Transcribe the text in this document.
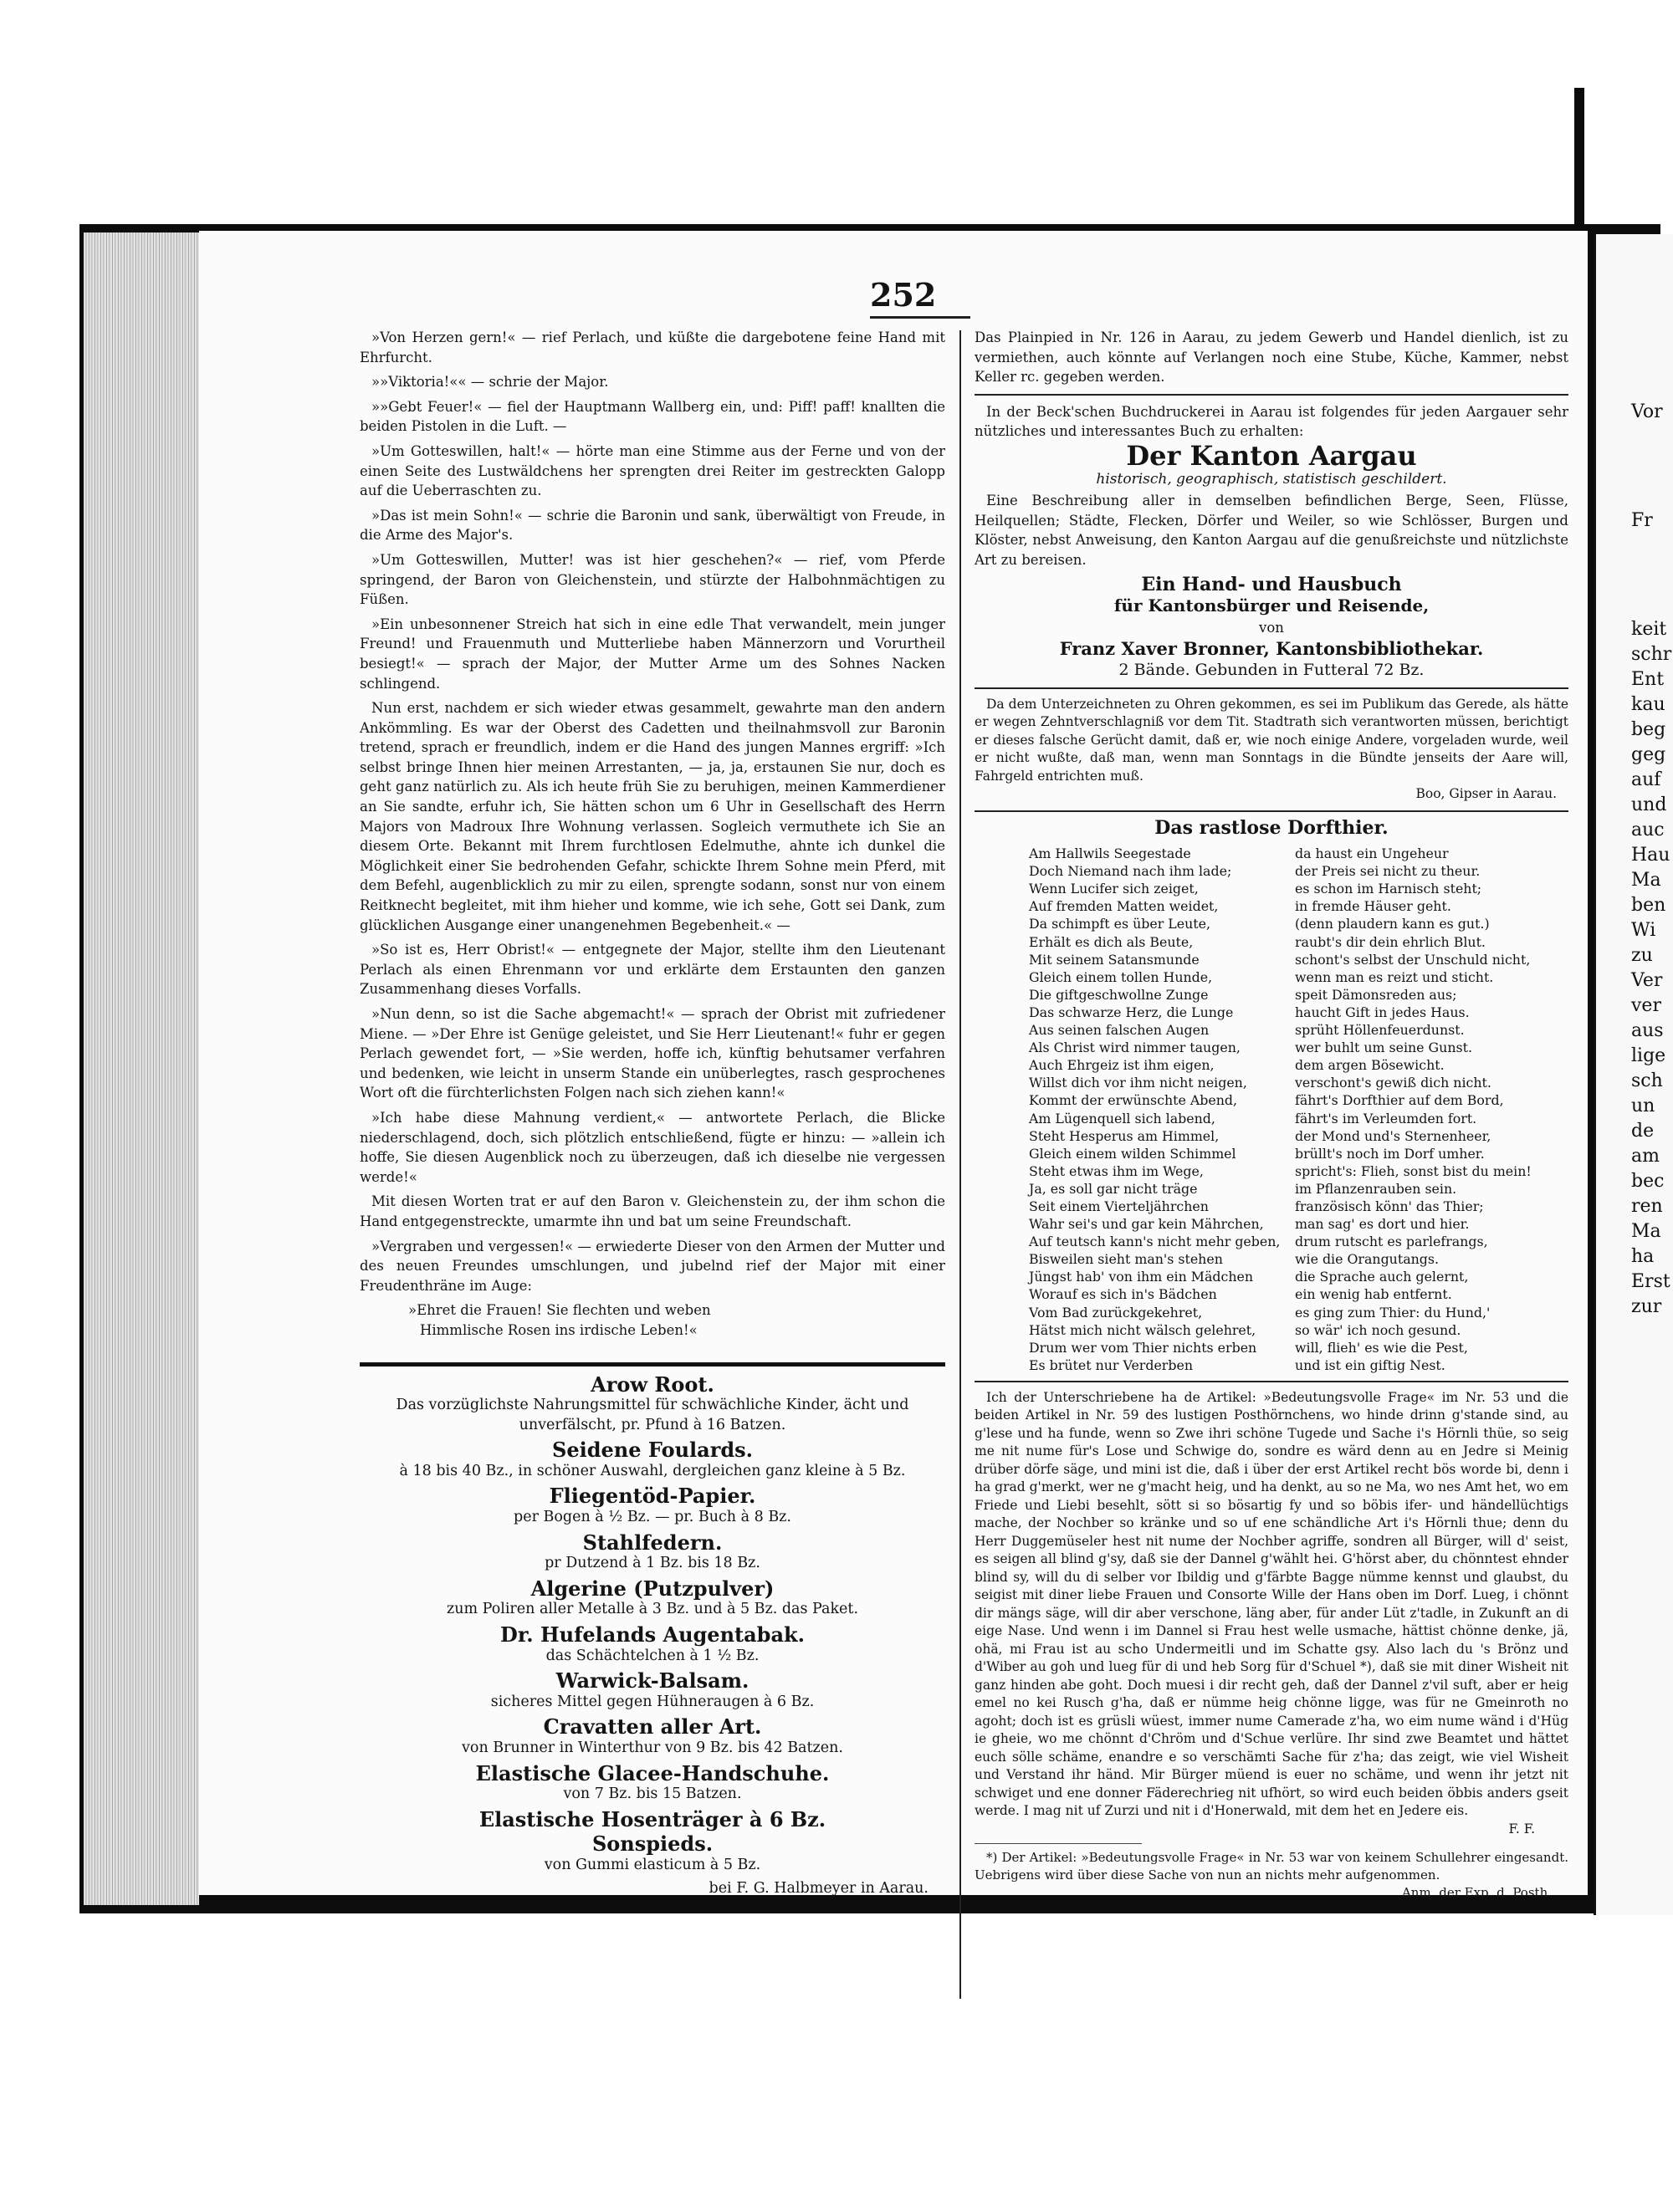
Vor
Fr
keit
schr
Ent
kau
beg
geg
auf
und
auc
Hau
Ma
ben
Wi
zu
Ver
ver
aus
lige
sch
un
de
am
bec
ren
Ma
ha
Erst
zur
252

»Von Herzen gern!« — rief Perlach, und küßte die dargebotene feine Hand mit Ehrfurcht.

»»Viktoria!«« — schrie der Major.

»»Gebt Feuer!« — fiel der Hauptmann Wallberg ein, und: Piff! paff! knallten die beiden Pistolen in die Luft. —

»Um Gotteswillen, halt!« — hörte man eine Stimme aus der Ferne und von der einen Seite des Lustwäldchens her sprengten drei Reiter im gestreckten Galopp auf die Ueberraschten zu.

»Das ist mein Sohn!« — schrie die Baronin und sank, überwältigt von Freude, in die Arme des Major's.

»Um Gotteswillen, Mutter! was ist hier geschehen?« — rief, vom Pferde springend, der Baron von Gleichenstein, und stürzte der Halbohnmächtigen zu Füßen.

»Ein unbesonnener Streich hat sich in eine edle That verwandelt, mein junger Freund! und Frauenmuth und Mutterliebe haben Männerzorn und Vorurtheil besiegt!« — sprach der Major, der Mutter Arme um des Sohnes Nacken schlingend.

Nun erst, nachdem er sich wieder etwas gesammelt, gewahrte man den andern Ankömmling. Es war der Oberst des Cadetten und theilnahmsvoll zur Baronin tretend, sprach er freundlich, indem er die Hand des jungen Mannes ergriff: »Ich selbst bringe Ihnen hier meinen Arrestanten, — ja, ja, erstaunen Sie nur, doch es geht ganz natürlich zu. Als ich heute früh Sie zu beruhigen, meinen Kammerdiener an Sie sandte, erfuhr ich, Sie hätten schon um 6 Uhr in Gesellschaft des Herrn Majors von Madroux Ihre Wohnung verlassen. Sogleich vermuthete ich Sie an diesem Orte. Bekannt mit Ihrem furchtlosen Edelmuthe, ahnte ich dunkel die Möglichkeit einer Sie bedrohenden Gefahr, schickte Ihrem Sohne mein Pferd, mit dem Befehl, augenblicklich zu mir zu eilen, sprengte sodann, sonst nur von einem Reitknecht begleitet, mit ihm hieher und komme, wie ich sehe, Gott sei Dank, zum glücklichen Ausgange einer unangenehmen Begebenheit.« —

»So ist es, Herr Obrist!« — entgegnete der Major, stellte ihm den Lieutenant Perlach als einen Ehrenmann vor und erklärte dem Erstaunten den ganzen Zusammenhang dieses Vorfalls.

»Nun denn, so ist die Sache abgemacht!« — sprach der Obrist mit zufriedener Miene. — »Der Ehre ist Genüge geleistet, und Sie Herr Lieutenant!« fuhr er gegen Perlach gewendet fort, — »Sie werden, hoffe ich, künftig behutsamer verfahren und bedenken, wie leicht in unserm Stande ein unüberlegtes, rasch gesprochenes Wort oft die fürchterlichsten Folgen nach sich ziehen kann!«

»Ich habe diese Mahnung verdient,« — antwortete Perlach, die Blicke niederschlagend, doch, sich plötzlich entschließend, fügte er hinzu: — »allein ich hoffe, Sie diesen Augenblick noch zu überzeugen, daß ich dieselbe nie vergessen werde!«

Mit diesen Worten trat er auf den Baron v. Gleichenstein zu, der ihm schon die Hand entgegenstreckte, umarmte ihn und bat um seine Freundschaft.

»Vergraben und vergessen!« — erwiederte Dieser von den Armen der Mutter und des neuen Freundes umschlungen, und jubelnd rief der Major mit einer Freudenthräne im Auge:

»Ehret die Frauen! Sie flechten und weben
Himmlische Rosen ins irdische Leben!«
Arow Root.
Das vorzüglichste Nahrungsmittel für schwächliche Kinder, ächt und unverfälscht, pr. Pfund à 16 Batzen.
Seidene Foulards.
à 18 bis 40 Bz., in schöner Auswahl, dergleichen ganz kleine à 5 Bz.
Fliegentöd-Papier.
per Bogen à ½ Bz. — pr. Buch à 8 Bz.
Stahlfedern.
pr Dutzend à 1 Bz. bis 18 Bz.
Algerine (Putzpulver)
zum Poliren aller Metalle à 3 Bz. und à 5 Bz. das Paket.
Dr. Hufelands Augentabak.
das Schächtelchen à 1 ½ Bz.
Warwick-Balsam.
sicheres Mittel gegen Hühneraugen à 6 Bz.
Cravatten aller Art.
von Brunner in Winterthur von 9 Bz. bis 42 Batzen.
Elastische Glacee-Handschuhe.
von 7 Bz. bis 15 Batzen.
Elastische Hosenträger à 6 Bz.
Sonspieds.
von Gummi elasticum à 5 Bz.
bei F. G. Halbmeyer in Aarau.

Das Plainpied in Nr. 126 in Aarau, zu jedem Gewerb und Handel dienlich, ist zu vermiethen, auch könnte auf Verlangen noch eine Stube, Küche, Kammer, nebst Keller rc. gegeben werden.

In der Beck'schen Buchdruckerei in Aarau ist folgendes für jeden Aargauer sehr nützliches und interessantes Buch zu erhalten:

Der Kanton Aargau
historisch, geographisch, statistisch geschildert.

Eine Beschreibung aller in demselben befindlichen Berge, Seen, Flüsse, Heilquellen; Städte, Flecken, Dörfer und Weiler, so wie Schlösser, Burgen und Klöster, nebst Anweisung, den Kanton Aargau auf die genußreichste und nützlichste Art zu bereisen.

Ein Hand- und Hausbuch
für Kantonsbürger und Reisende,
von
Franz Xaver Bronner, Kantonsbibliothekar.
2 Bände. Gebunden in Futteral 72 Bz.

Da dem Unterzeichneten zu Ohren gekommen, es sei im Publikum das Gerede, als hätte er wegen Zehntverschlagniß vor dem Tit. Stadtrath sich verantworten müssen, berichtigt er dieses falsche Gerücht damit, daß er, wie noch einige Andere, vorgeladen wurde, weil er nicht wußte, daß man, wenn man Sonntags in die Bündte jenseits der Aare will, Fahrgeld entrichten muß.

Boo, Gipser in Aarau.
Das rastlose Dorfthier.
Am Hallwils Seegestade	da haust ein Ungeheur
Doch Niemand nach ihm lade;	der Preis sei nicht zu theur.
Wenn Lucifer sich zeiget,	es schon im Harnisch steht;
Auf fremden Matten weidet,	in fremde Häuser geht.
Da schimpft es über Leute,	(denn plaudern kann es gut.)
Erhält es dich als Beute,	raubt's dir dein ehrlich Blut.
Mit seinem Satansmunde	schont's selbst der Unschuld nicht,
Gleich einem tollen Hunde,	wenn man es reizt und sticht.
Die giftgeschwollne Zunge	speit Dämonsreden aus;
Das schwarze Herz, die Lunge	haucht Gift in jedes Haus.
Aus seinen falschen Augen	sprüht Höllenfeuerdunst.
Als Christ wird nimmer taugen,	wer buhlt um seine Gunst.
Auch Ehrgeiz ist ihm eigen,	dem argen Bösewicht.
Willst dich vor ihm nicht neigen,	verschont's gewiß dich nicht.
Kommt der erwünschte Abend,	fährt's Dorfthier auf dem Bord,
Am Lügenquell sich labend,	fährt's im Verleumden fort.
Steht Hesperus am Himmel,	der Mond und's Sternenheer,
Gleich einem wilden Schimmel	brüllt's noch im Dorf umher.
Steht etwas ihm im Wege,	spricht's: Flieh, sonst bist du mein!
Ja, es soll gar nicht träge	im Pflanzenrauben sein.
Seit einem Vierteljährchen	französisch könn' das Thier;
Wahr sei's und gar kein Mährchen,	man sag' es dort und hier.
Auf teutsch kann's nicht mehr geben,	drum rutscht es parlefrangs,
Bisweilen sieht man's stehen	wie die Orangutangs.
Jüngst hab' von ihm ein Mädchen	die Sprache auch gelernt,
Worauf es sich in's Bädchen	ein wenig hab entfernt.
Vom Bad zurückgekehret,	es ging zum Thier: du Hund,'
Hätst mich nicht wälsch gelehret,	so wär' ich noch gesund.
Drum wer vom Thier nichts erben	will, flieh' es wie die Pest,
Es brütet nur Verderben	und ist ein giftig Nest.

Ich der Unterschriebene ha de Artikel: »Bedeutungsvolle Frage« im Nr. 53 und die beiden Artikel in Nr. 59 des lustigen Posthörnchens, wo hinde drinn g'stande sind, au g'lese und ha funde, wenn so Zwe ihri schöne Tugede und Sache i's Hörnli thüe, so seig me nit nume für's Lose und Schwige do, sondre es wärd denn au en Jedre si Meinig drüber dörfe säge, und mini ist die, daß i über der erst Artikel recht bös worde bi, denn i ha grad g'merkt, wer ne g'macht heig, und ha denkt, au so ne Ma, wo nes Amt het, wo em Friede und Liebi besehlt, sött si so bösartig fy und so böbis ifer- und händellüchtigs mache, der Nochber so kränke und so uf ene schändliche Art i's Hörnli thue; denn du Herr Duggemüseler hest nit nume der Nochber agriffe, sondren all Bürger, will d' seist, es seigen all blind g'sy, daß sie der Dannel g'wählt hei. G'hörst aber, du chönntest ehnder blind sy, will du di selber vor Ibildig und g'färbte Bagge nümme kennst und glaubst, du seigist mit diner liebe Frauen und Consorte Wille der Hans oben im Dorf. Lueg, i chönnt dir mängs säge, will dir aber verschone, läng aber, für ander Lüt z'tadle, in Zukunft an di eige Nase. Und wenn i im Dannel si Frau hest welle usmache, hättist chönne denke, jä, ohä, mi Frau ist au scho Undermeitli und im Schatte gsy. Also lach du 's Brönz und d'Wiber au goh und lueg für di und heb Sorg für d'Schuel *), daß sie mit diner Wisheit nit ganz hinden abe goht. Doch muesi i dir recht geh, daß der Dannel z'vil suft, aber er heig emel no kei Rusch g'ha, daß er nümme heig chönne ligge, was für ne Gmeinroth no agoht; doch ist es grüsli wüest, immer nume Camerade z'ha, wo eim nume wänd i d'Hüg ie gheie, wo me chönnt d'Chröm und d'Schue verlüre. Ihr sind zwe Beamtet und hättet euch sölle schäme, enandre e so verschämti Sache für z'ha; das zeigt, wie viel Wisheit und Verstand ihr händ. Mir Bürger müend is euer no schäme, und wenn ihr jetzt nit schwiget und ene donner Fäderechrieg nit ufhört, so wird euch beiden öbbis anders gseit werde. I mag nit uf Zurzi und nit i d'Honerwald, mit dem het en Jedere eis.

F. F.

*) Der Artikel: »Bedeutungsvolle Frage« in Nr. 53 war von keinem Schullehrer eingesandt. Uebrigens wird über diese Sache von nun an nichts mehr aufgenommen.

Anm. der Exp. d. Posth.
